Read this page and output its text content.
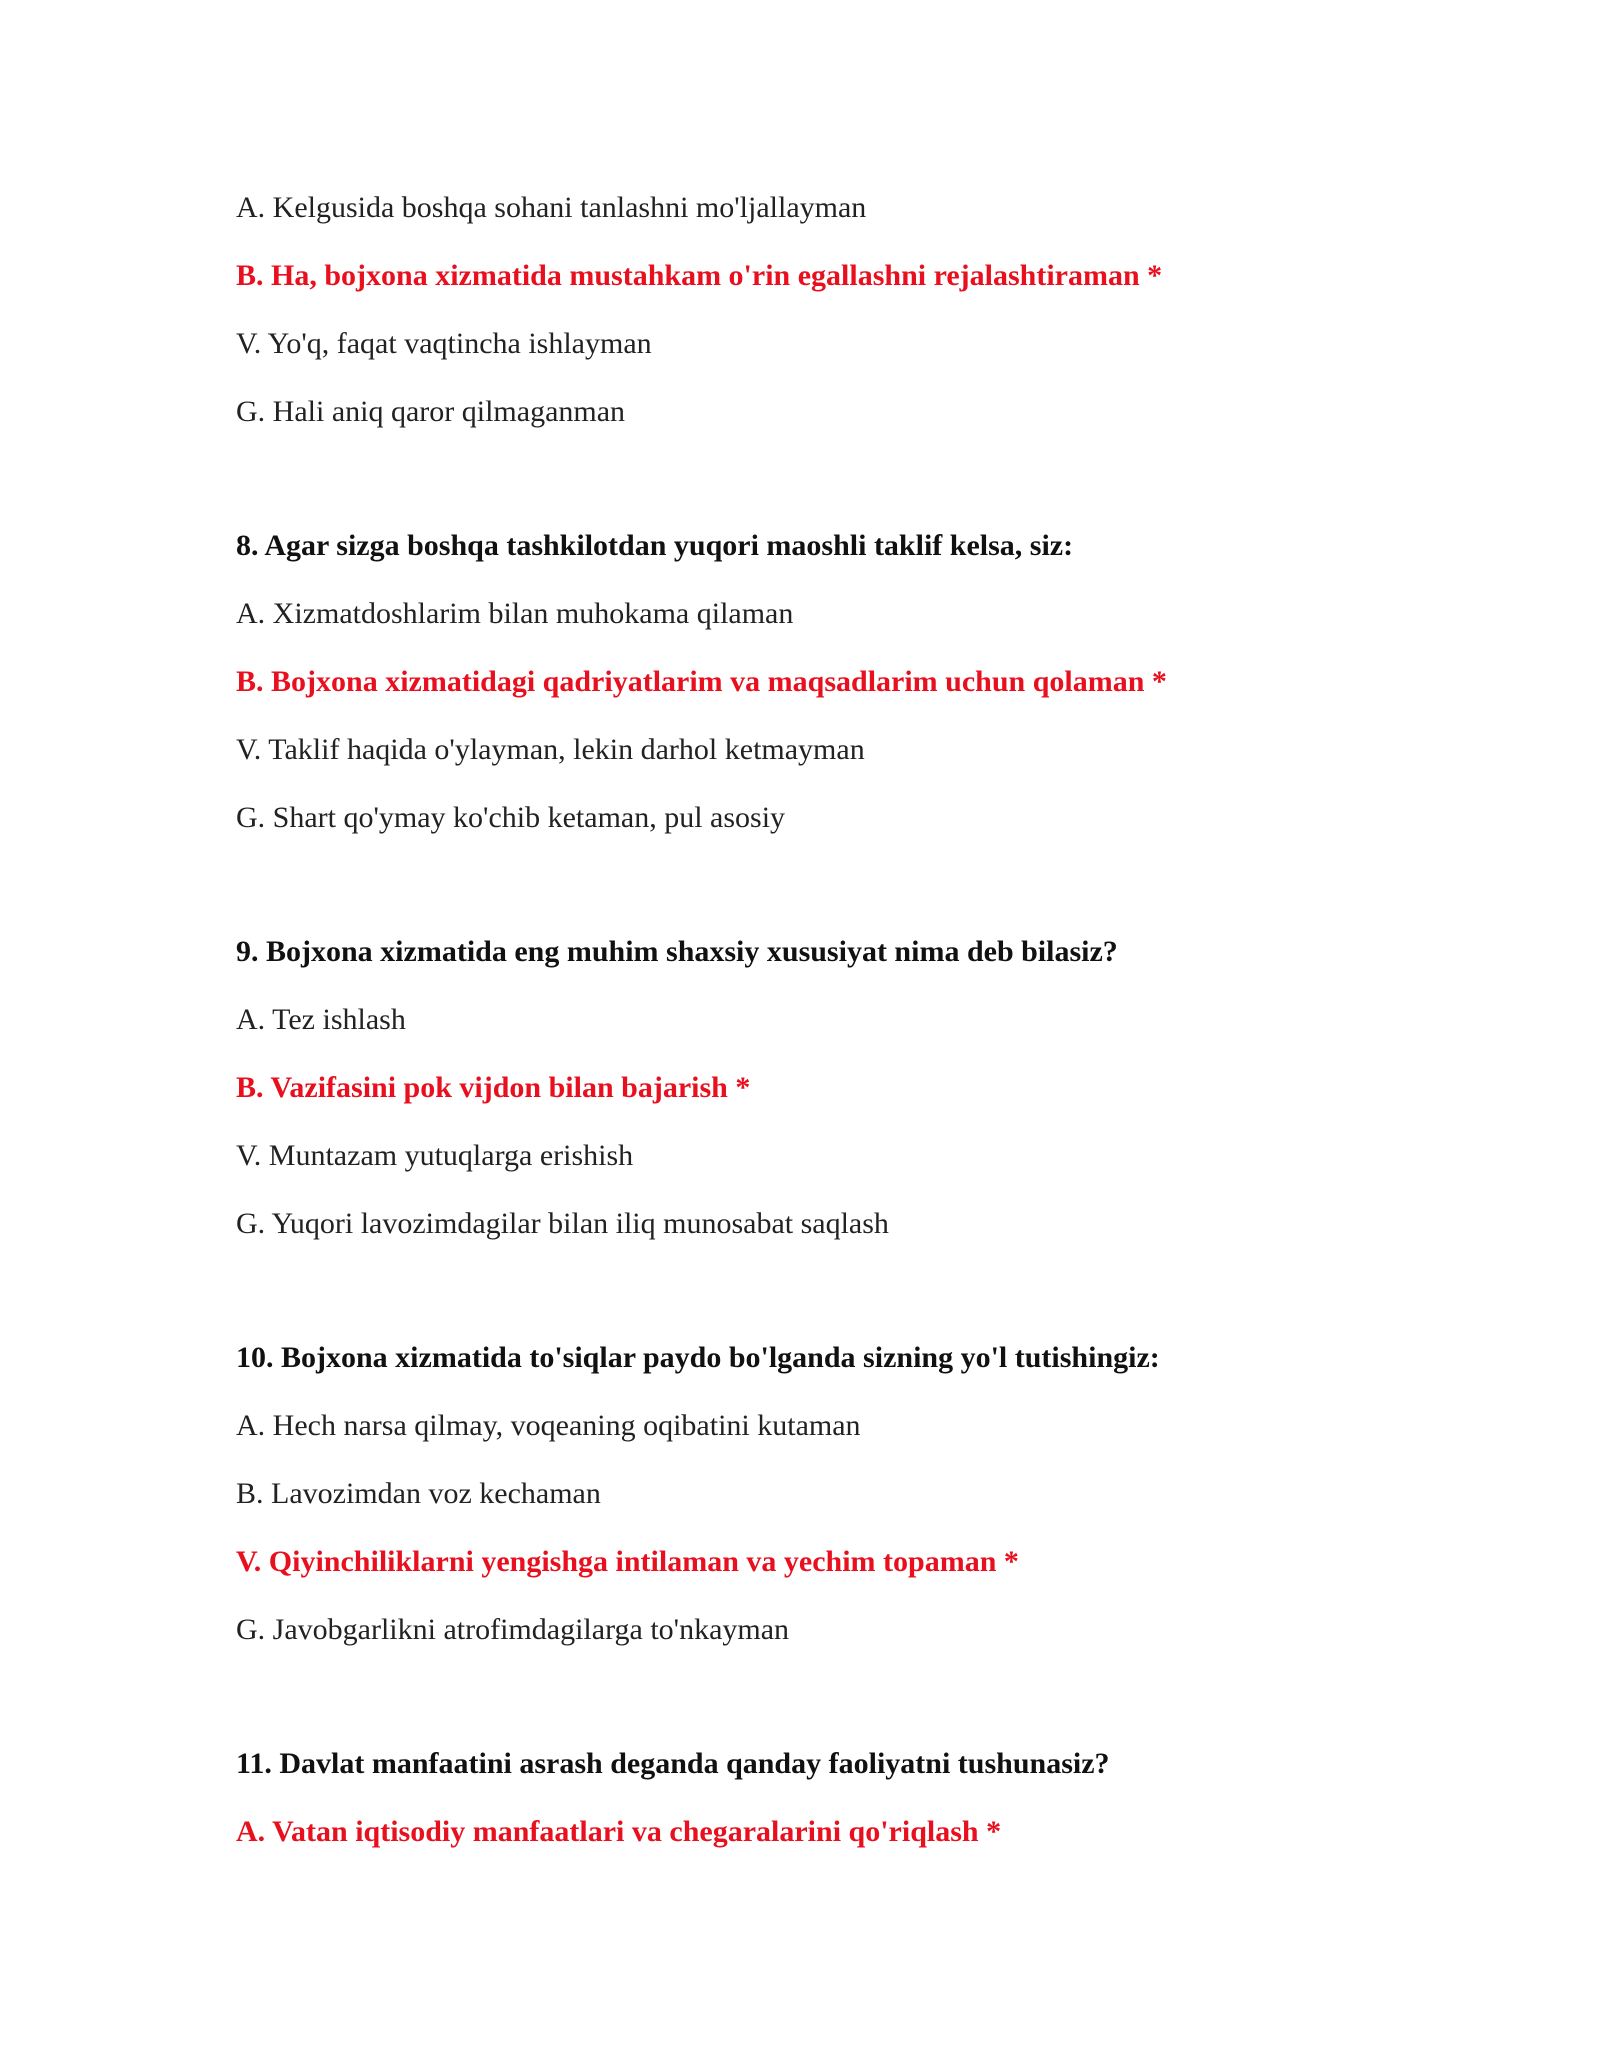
A. Kelgusida boshqa sohani tanlashni mo'ljallayman
B. Ha, bojxona xizmatida mustahkam o'rin egallashni rejalashtiraman *
V. Yo'q, faqat vaqtincha ishlayman
G. Hali aniq qaror qilmaganman
8. Agar sizga boshqa tashkilotdan yuqori maoshli taklif kelsa, siz:
A. Xizmatdoshlarim bilan muhokama qilaman
B. Bojxona xizmatidagi qadriyatlarim va maqsadlarim uchun qolaman *
V. Taklif haqida o'ylayman, lekin darhol ketmayman
G. Shart qo'ymay ko'chib ketaman, pul asosiy
9. Bojxona xizmatida eng muhim shaxsiy xususiyat nima deb bilasiz?
A. Tez ishlash
B. Vazifasini pok vijdon bilan bajarish *
V. Muntazam yutuqlarga erishish
G. Yuqori lavozimdagilar bilan iliq munosabat saqlash
10. Bojxona xizmatida to'siqlar paydo bo'lganda sizning yo'l tutishingiz:
A. Hech narsa qilmay, voqeaning oqibatini kutaman
B. Lavozimdan voz kechaman
V. Qiyinchiliklarni yengishga intilaman va yechim topaman *
G. Javobgarlikni atrofimdagilarga to'nkayman
11. Davlat manfaatini asrash deganda qanday faoliyatni tushunasiz?
A. Vatan iqtisodiy manfaatlari va chegaralarini qo'riqlash *
